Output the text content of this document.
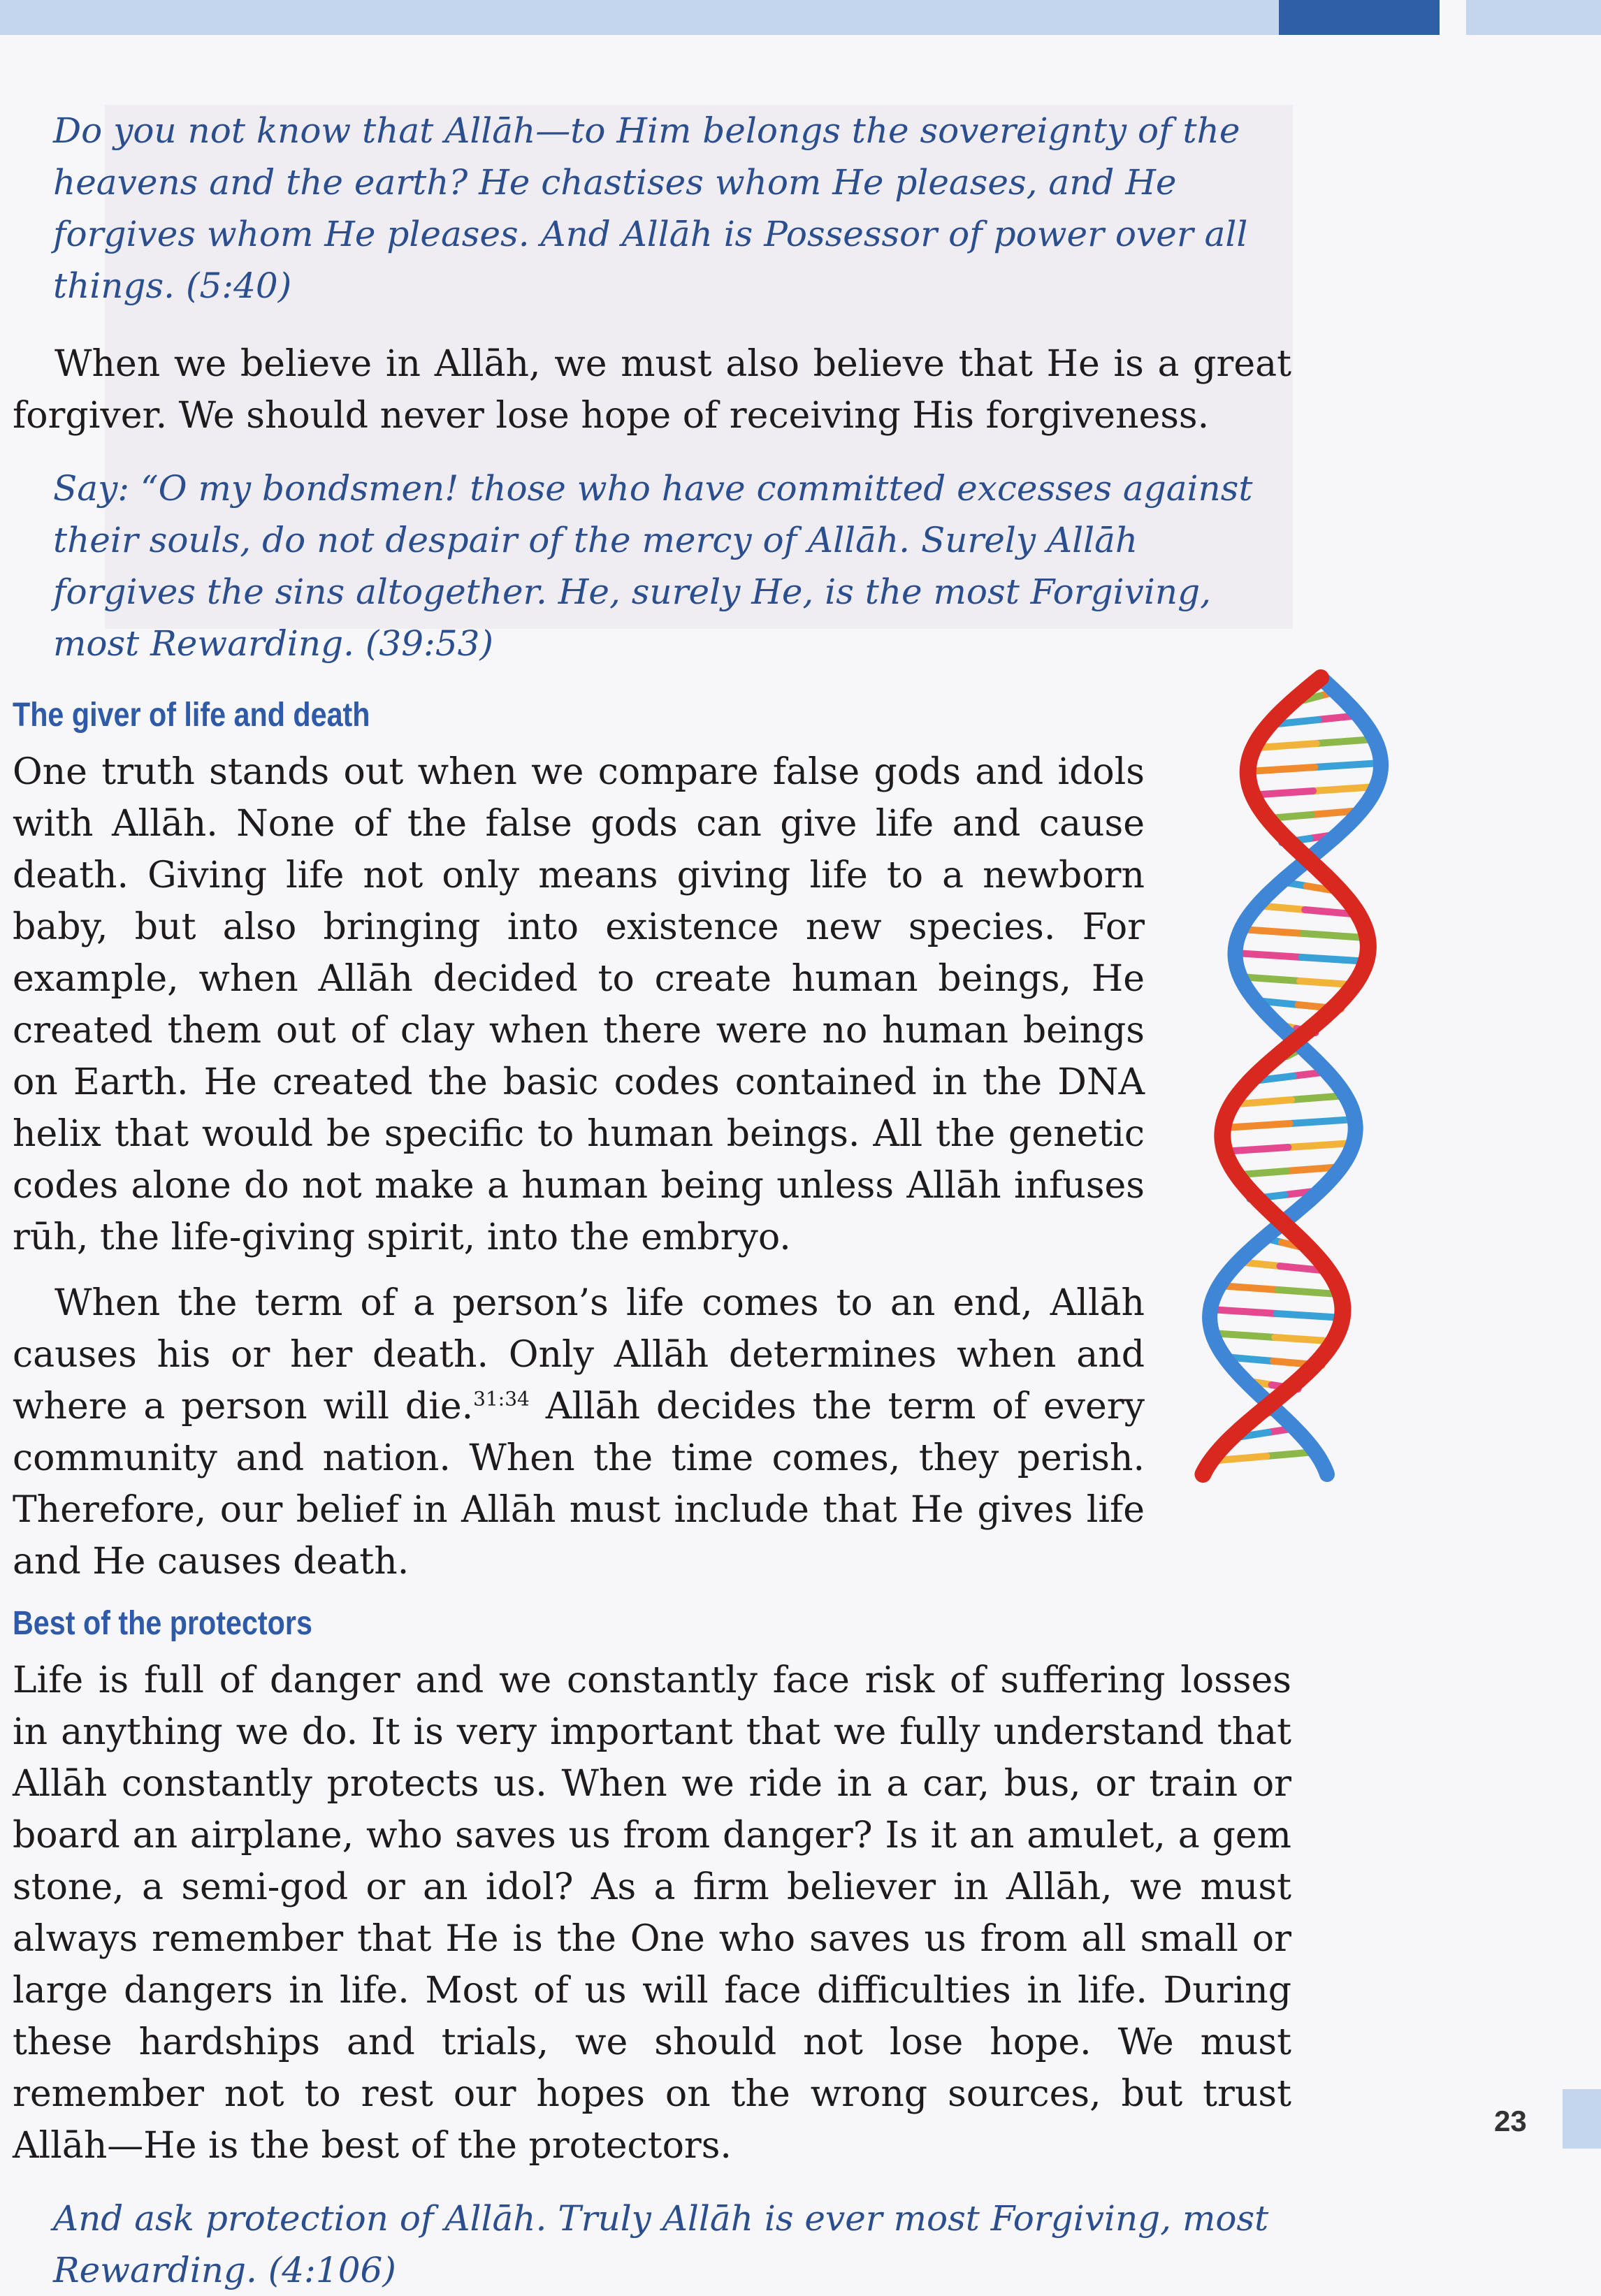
Do you not know that Allāh—to Him belongs the sovereignty of the heavens and the earth? He chastises whom He pleases, and He forgives whom He pleases. And Allāh is Possessor of power over all things. (5:40)

When we believe in Allāh, we must also believe that He is a great forgiver. We should never lose hope of receiving His forgiveness.

Say: “O my bondsmen! those who have committed excesses against their souls, do not despair of the mercy of Allāh. Surely Allāh forgives the sins altogether. He, surely He, is the most Forgiving, most Rewarding. (39:53)

The giver of life and death

One truth stands out when we compare false gods and idols with Allāh. None of the false gods can give life and cause death. Giving life not only means giving life to a newborn baby, but also bringing into existence new species. For example, when Allāh decided to create human beings, He created them out of clay when there were no human beings on Earth. He created the basic codes contained in the DNA helix that would be specific to human beings. All the genetic codes alone do not make a human being unless Allāh infuses rūh, the life-giving spirit, into the embryo.

When the term of a person’s life comes to an end, Allāh causes his or her death. Only Allāh determines when and where a person will die.$^{31:34}$ Allāh decides the term of every community and nation. When the time comes, they perish. Therefore, our belief in Allāh must include that He gives life and He causes death.

Best of the protectors

Life is full of danger and we constantly face risk of suffering losses in anything we do. It is very important that we fully understand that Allāh constantly protects us. When we ride in a car, bus, or train or board an airplane, who saves us from danger? Is it an amulet, a gem stone, a semi-god or an idol? As a firm believer in Allāh, we must always remember that He is the One who saves us from all small or large dangers in life. Most of us will face difficulties in life. During these hardships and trials, we should not lose hope. We must remember not to rest our hopes on the wrong sources, but trust Allāh—He is the best of the protectors.

And ask protection of Allāh. Truly Allāh is ever most Forgiving, most Rewarding. (4:106)

23
